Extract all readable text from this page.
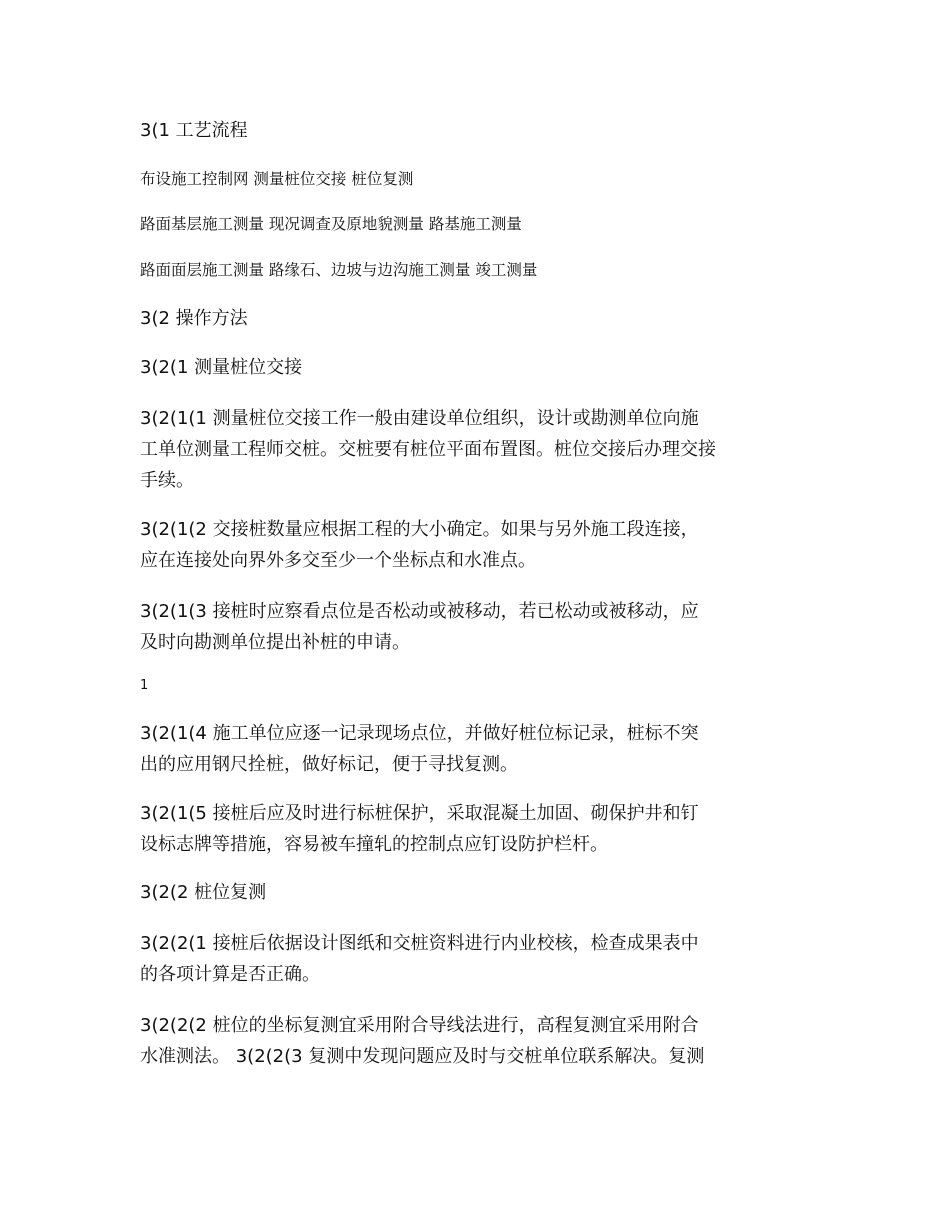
3(1 工艺流程
布设施工控制网 测量桩位交接 桩位复测
路面基层施工测量 现况调查及原地貌测量 路基施工测量
路面面层施工测量 路缘石、边坡与边沟施工测量 竣工测量
3(2 操作方法
3(2(1 测量桩位交接
3(2(1(1 测量桩位交接工作一般由建设单位组织，设计或勘测单位向施
工单位测量工程师交桩。交桩要有桩位平面布置图。桩位交接后办理交接
手续。
3(2(1(2 交接桩数量应根据工程的大小确定。如果与另外施工段连接，
应在连接处向界外多交至少一个坐标点和水准点。
3(2(1(3 接桩时应察看点位是否松动或被移动，若已松动或被移动，应
及时向勘测单位提出补桩的申请。
1
3(2(1(4 施工单位应逐一记录现场点位，并做好桩位标记录，桩标不突
出的应用钢尺拴桩，做好标记，便于寻找复测。
3(2(1(5 接桩后应及时进行标桩保护，采取混凝土加固、砌保护井和钉
设标志牌等措施，容易被车撞轧的控制点应钉设防护栏杆。
3(2(2 桩位复测
3(2(2(1 接桩后依据设计图纸和交桩资料进行内业校核，检查成果表中
的各项计算是否正确。
3(2(2(2 桩位的坐标复测宜采用附合导线法进行，高程复测宜采用附合
水准测法。 3(2(2(3 复测中发现问题应及时与交桩单位联系解决。复测
